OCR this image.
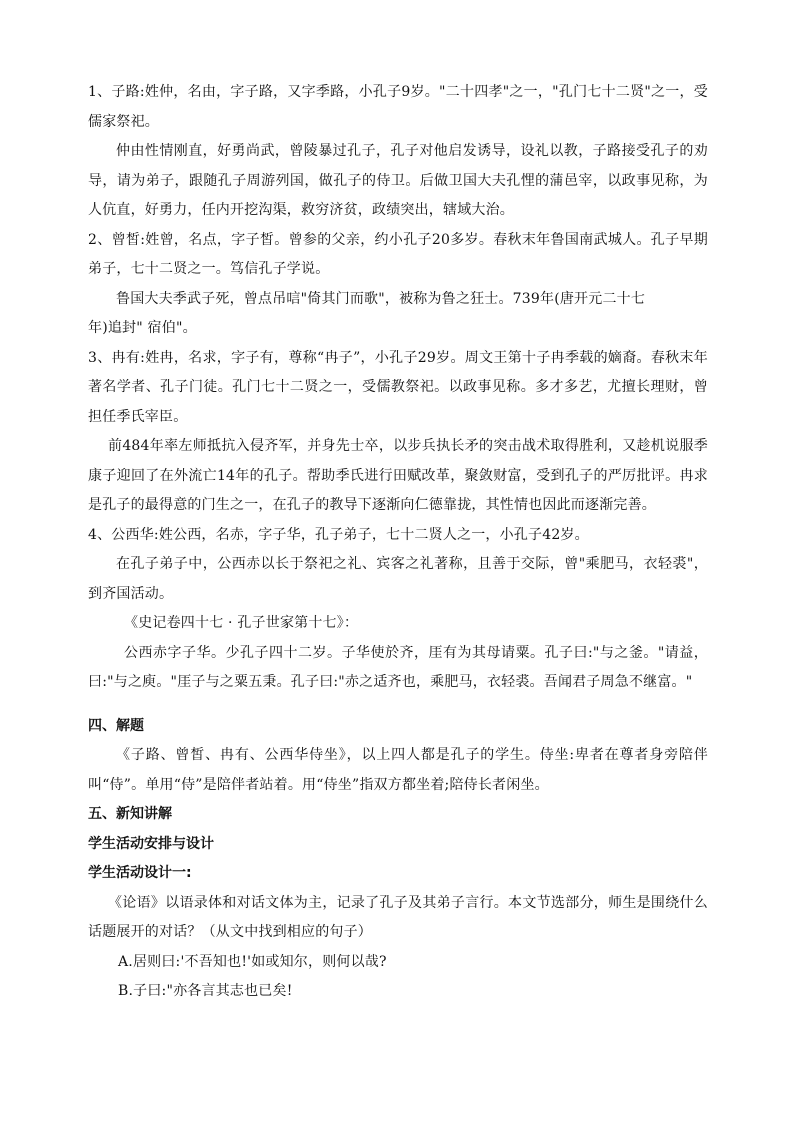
1、子路:姓仲，名由，字子路，又字季路，小孔子9岁。"二十四孝"之一，"孔门七十二贤"之一，受儒家祭祀。

仲由性情刚直，好勇尚武，曾陵暴过孔子，孔子对他启发诱导，设礼以教，子路接受孔子的劝导，请为弟子，跟随孔子周游列国，做孔子的侍卫。后做卫国大夫孔悝的蒲邑宰，以政事见称，为人伉直，好勇力，任内开挖沟渠，救穷济贫，政绩突出，辖域大治。

2、曾皙:姓曾，名点，字子皙。曾参的父亲，约小孔子20多岁。春秋末年鲁国南武城人。孔子早期弟子，七十二贤之一。笃信孔子学说。

鲁国大夫季武子死，曾点吊唁"倚其门而歌"，被称为鲁之狂士。739年(唐开元二十七

年)追封" 宿伯"。

3、冉有:姓冉，名求，字子有，尊称“冉子”，小孔子29岁。周文王第十子冉季载的嫡裔。春秋末年著名学者、孔子门徒。孔门七十二贤之一，受儒教祭祀。以政事见称。多才多艺，尤擅长理财，曾担任季氏宰臣。

前484年率左师抵抗入侵齐军，并身先士卒，以步兵执长矛的突击战术取得胜利，又趁机说服季康子迎回了在外流亡14年的孔子。帮助季氏进行田赋改革，聚敛财富，受到孔子的严厉批评。冉求是孔子的最得意的门生之一，在孔子的教导下逐渐向仁德靠拢，其性情也因此而逐渐完善。

4、公西华:姓公西，名赤，字子华，孔子弟子，七十二贤人之一，小孔子42岁。

在孔子弟子中，公西赤以长于祭祀之礼、宾客之礼著称，且善于交际，曾"乘肥马，衣轻裘"，到齐国活动。

《史记卷四十七 · 孔子世家第十七》：

公西赤字子华。少孔子四十二岁。子华使於齐，厓有为其母请粟。孔子曰:"与之釜。"请益，曰:"与之庾。"厓子与之粟五秉。孔子曰:"赤之适齐也，乘肥马，衣轻裘。吾闻君子周急不继富。"

四、解题

《子路、曾皙、冉有、公西华侍坐》，以上四人都是孔子的学生。侍坐:卑者在尊者身旁陪伴叫“侍”。单用“侍”是陪伴者站着。用“侍坐”指双方都坐着;陪侍长者闲坐。

五、新知讲解

学生活动安排与设计

学生活动设计一:

《论语》以语录体和对话文体为主，记录了孔子及其弟子言行。本文节选部分，师生是围绕什么话题展开的对话？（从文中找到相应的句子）

A.居则曰:'不吾知也!'如或知尔，则何以哉?

B.子曰:"亦各言其志也已矣!
